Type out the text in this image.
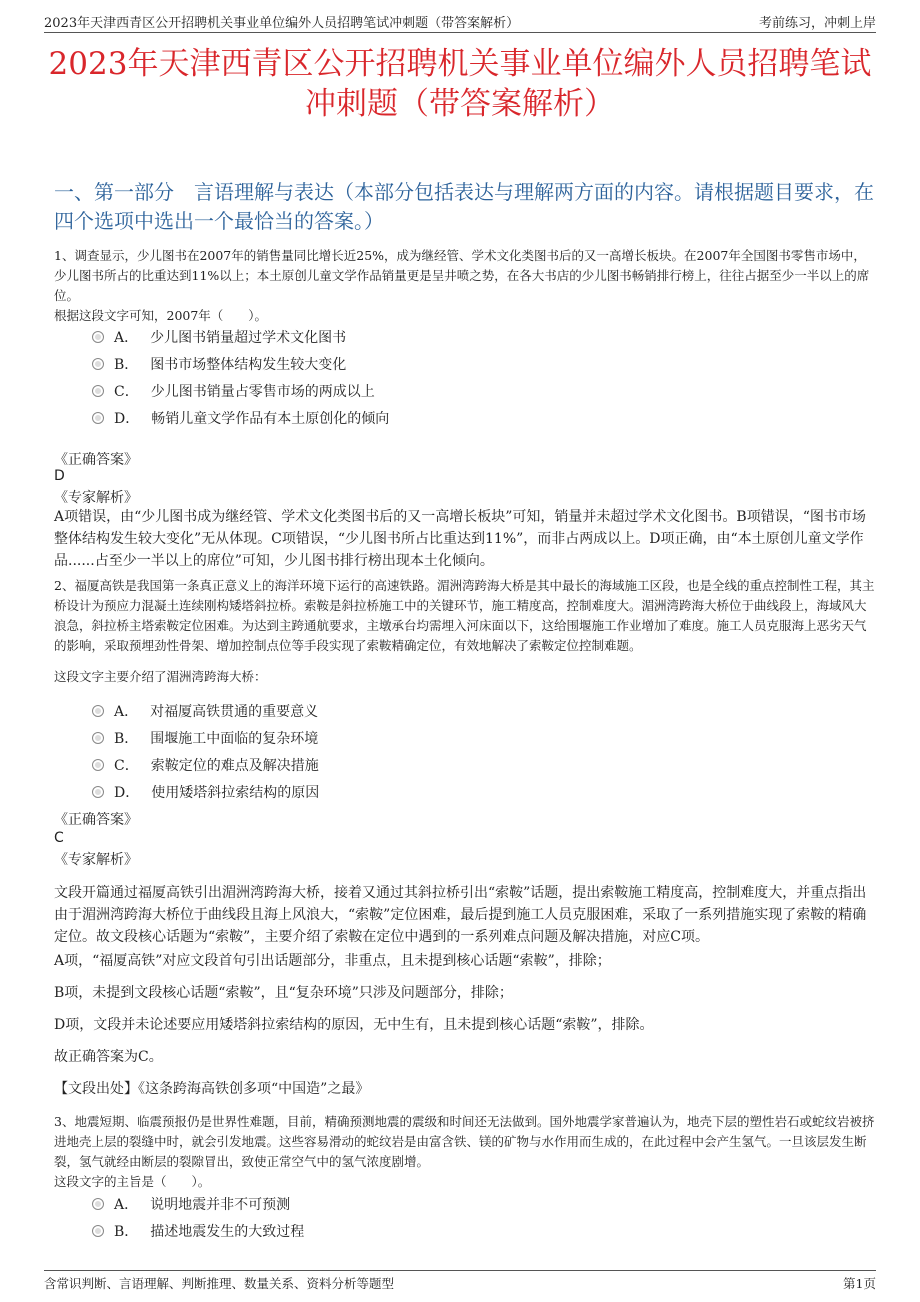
2023年天津西青区公开招聘机关事业单位编外人员招聘笔试冲刺题（带答案解析）	考前练习，冲刺上岸
2023年天津西青区公开招聘机关事业单位编外人员招聘笔试冲刺题（带答案解析）
一、第一部分　言语理解与表达（本部分包括表达与理解两方面的内容。请根据题目要求，在四个选项中选出一个最恰当的答案。）
1、调查显示，少儿图书在2007年的销售量同比增长近25%，成为继经管、学术文化类图书后的又一高增长板块。在2007年全国图书零售市场中，少儿图书所占的比重达到11%以上；本土原创儿童文学作品销量更是呈井喷之势，在各大书店的少儿图书畅销排行榜上，往往占据至少一半以上的席位。
根据这段文字可知，2007年（　　）。
A． 少儿图书销量超过学术文化图书
B． 图书市场整体结构发生较大变化
C． 少儿图书销量占零售市场的两成以上
D． 畅销儿童文学作品有本土原创化的倾向
《正确答案》
D
《专家解析》
A项错误，由“少儿图书成为继经管、学术文化类图书后的又一高增长板块”可知，销量并未超过学术文化图书。B项错误，“图书市场整体结构发生较大变化”无从体现。C项错误，“少儿图书所占比重达到11%”，而非占两成以上。D项正确，由“本土原创儿童文学作品......占至少一半以上的席位”可知，少儿图书排行榜出现本土化倾向。
2、福厦高铁是我国第一条真正意义上的海洋环境下运行的高速铁路。湄洲湾跨海大桥是其中最长的海域施工区段，也是全线的重点控制性工程，其主桥设计为预应力混凝土连续刚构矮塔斜拉桥。索鞍是斜拉桥施工中的关键环节，施工精度高，控制难度大。湄洲湾跨海大桥位于曲线段上，海域风大浪急，斜拉桥主塔索鞍定位困难。为达到主跨通航要求，主墩承台均需埋入河床面以下，这给围堰施工作业增加了难度。施工人员克服海上恶劣天气的影响，采取预埋劲性骨架、增加控制点位等手段实现了索鞍精确定位，有效地解决了索鞍定位控制难题。
这段文字主要介绍了湄洲湾跨海大桥：
A． 对福厦高铁贯通的重要意义
B． 围堰施工中面临的复杂环境
C． 索鞍定位的难点及解决措施
D． 使用矮塔斜拉索结构的原因
《正确答案》
C
《专家解析》
文段开篇通过福厦高铁引出湄洲湾跨海大桥，接着又通过其斜拉桥引出“索鞍”话题，提出索鞍施工精度高，控制难度大，并重点指出由于湄洲湾跨海大桥位于曲线段且海上风浪大，“索鞍”定位困难，最后提到施工人员克服困难，采取了一系列措施实现了索鞍的精确定位。故文段核心话题为“索鞍”，主要介绍了索鞍在定位中遇到的一系列难点问题及解决措施，对应C项。
A项，“福厦高铁”对应文段首句引出话题部分，非重点，且未提到核心话题“索鞍”，排除；
B项，未提到文段核心话题“索鞍”，且“复杂环境”只涉及问题部分，排除；
D项，文段并未论述要应用矮塔斜拉索结构的原因，无中生有，且未提到核心话题“索鞍”，排除。
故正确答案为C。
【文段出处】《这条跨海高铁创多项“中国造”之最》
3、地震短期、临震预报仍是世界性难题，目前，精确预测地震的震级和时间还无法做到。国外地震学家普遍认为，地壳下层的塑性岩石或蛇纹岩被挤进地壳上层的裂缝中时，就会引发地震。这些容易滑动的蛇纹岩是由富含铁、镁的矿物与水作用而生成的，在此过程中会产生氢气。一旦该层发生断裂，氢气就经由断层的裂隙冒出，致使正常空气中的氢气浓度剧增。
这段文字的主旨是（　　）。
A． 说明地震并非不可预测
B． 描述地震发生的大致过程
含常识判断、言语理解、判断推理、数量关系、资料分析等题型	第1页
